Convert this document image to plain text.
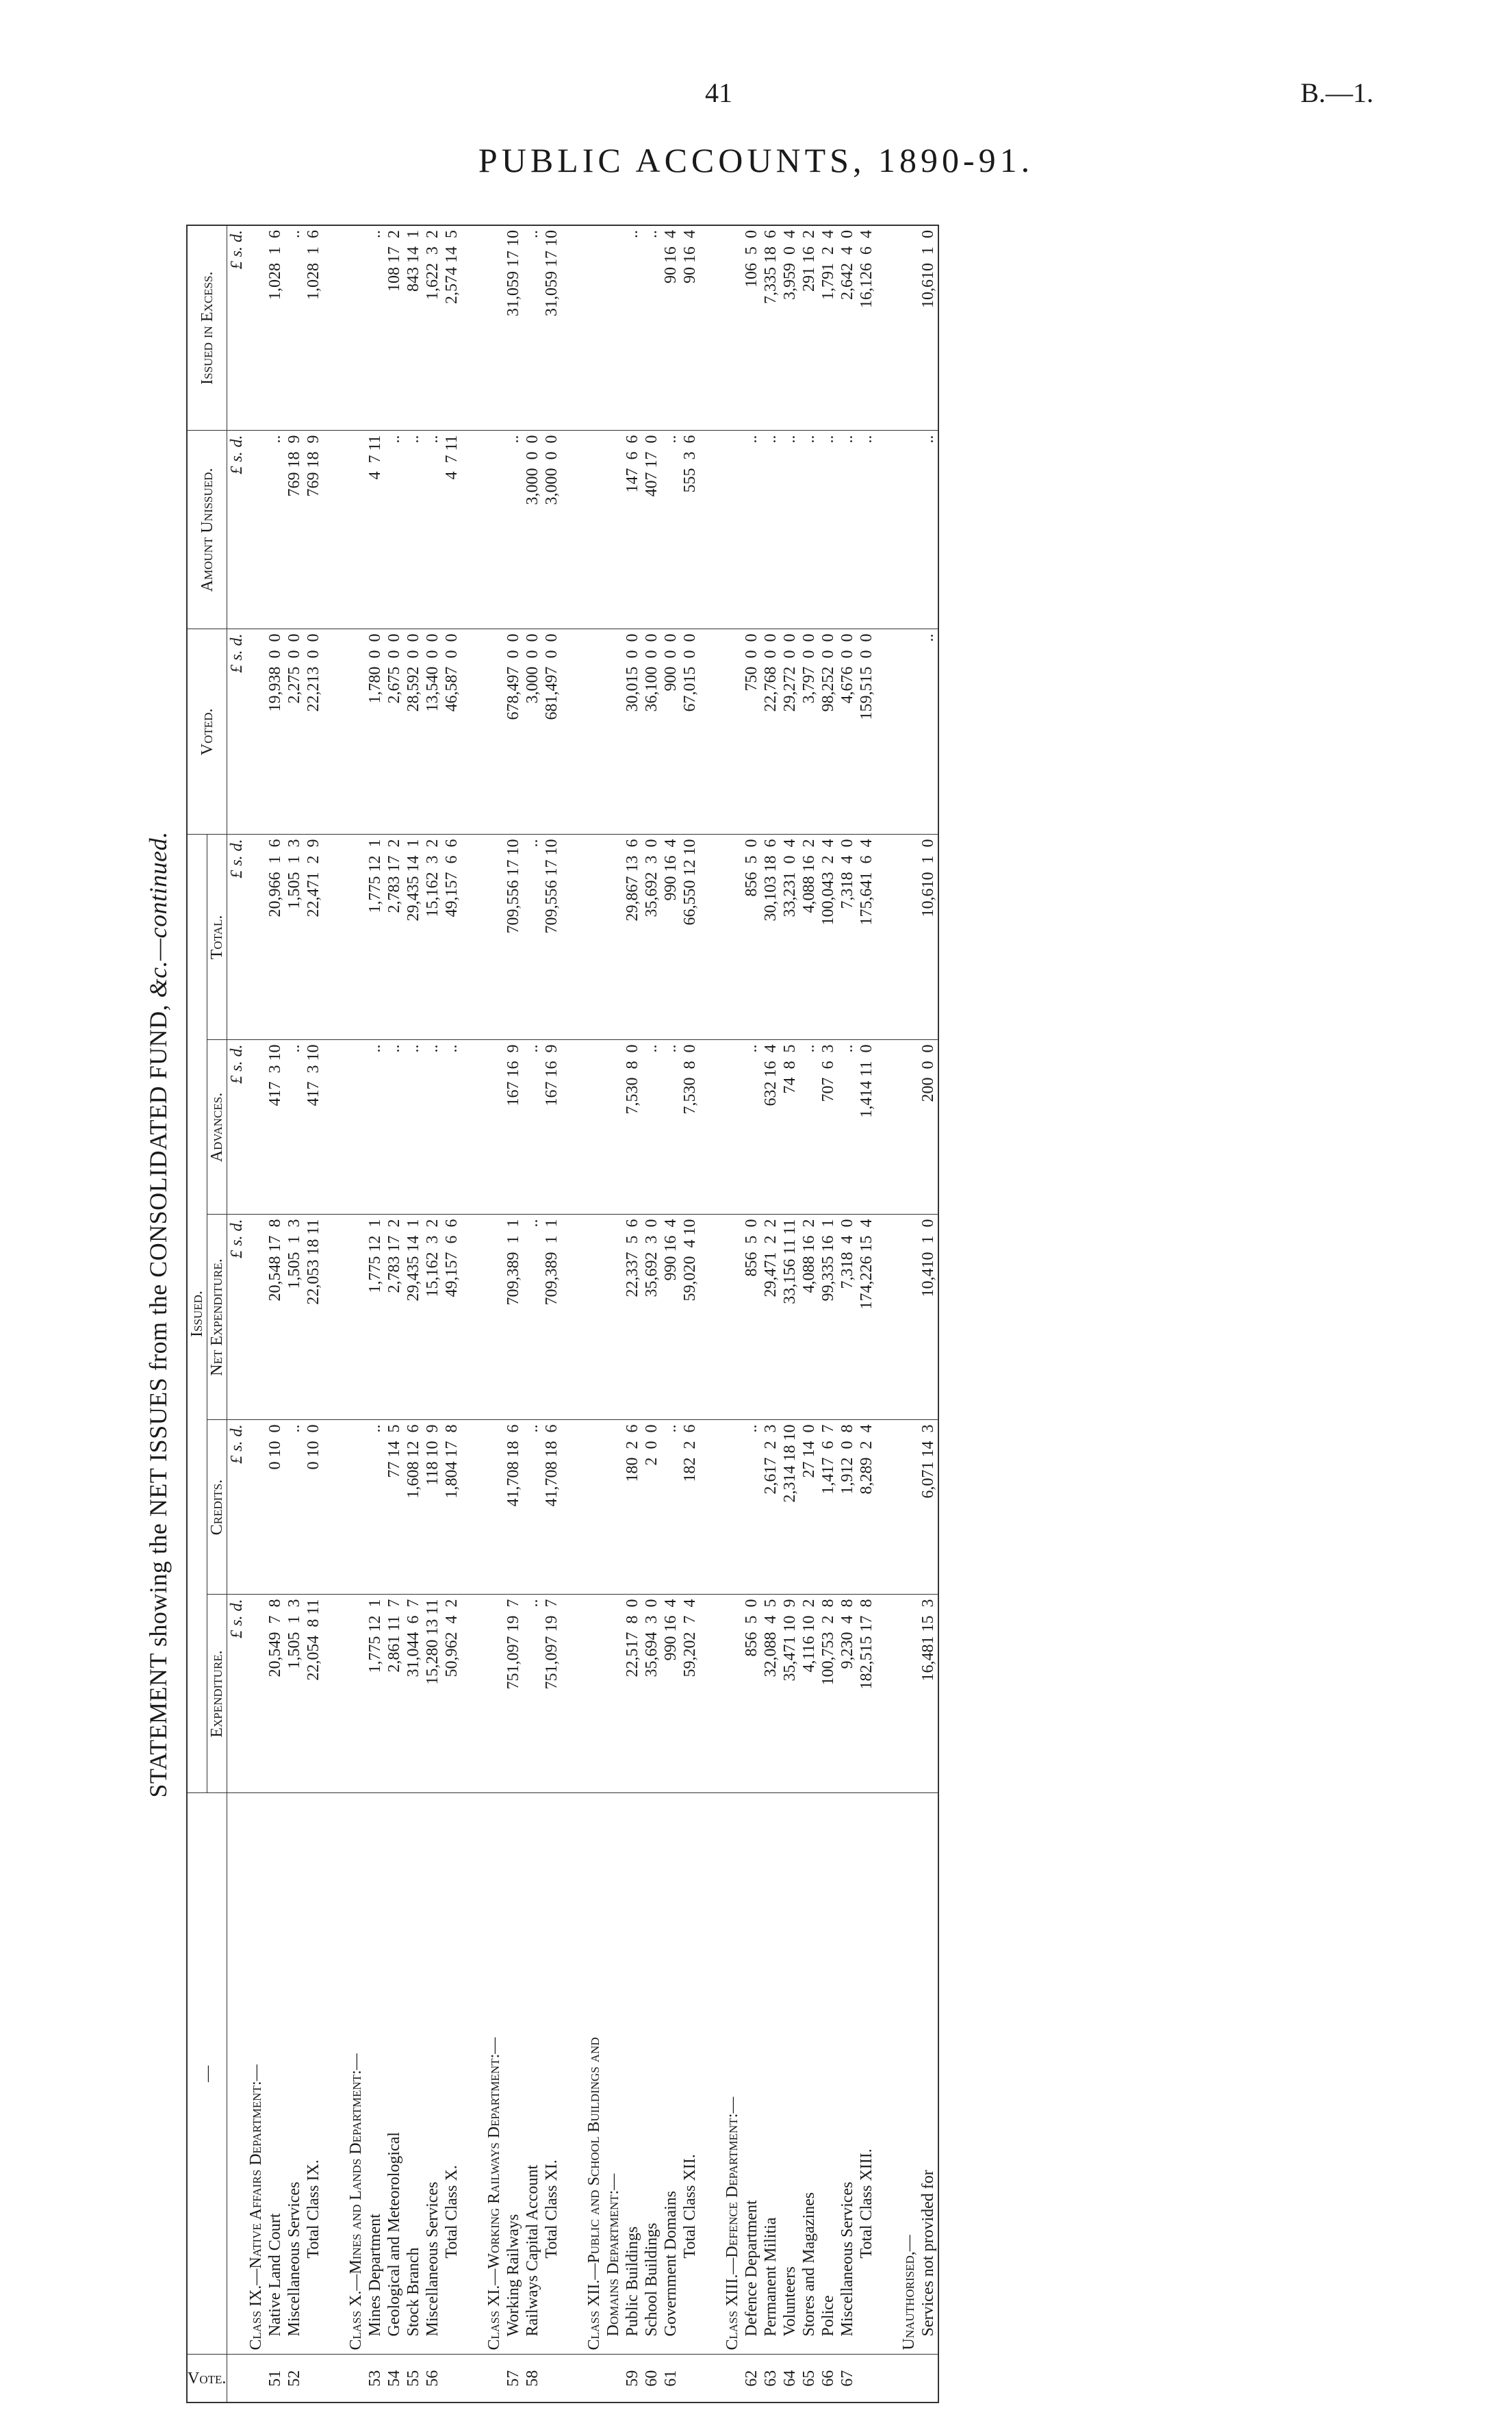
41	B.—1.
PUBLIC ACCOUNTS, 1890-91.
STATEMENT showing the NET ISSUES from the CONSOLIDATED FUND, &c.—continued.
Vote.	—	Issued.					Voted.	Amount Unissued.	Issued in Excess.
		Expenditure.	Credits.	Net Expenditure.	Advances.	Total.			
		£ s. d.	£ s. d.	£ s. d.	£ s. d.	£ s. d.	£ s. d.	£ s. d.	£ s. d.
	Class IX.—Native Affairs Department:—								
51	Native Land Court	20,549  7  8	0 10  0	20,548 17  8	417  3 10	20,966  1  6	19,938  0  0	..	1,028  1  6
52	Miscellaneous Services	1,505  1  3	..	1,505  1  3	..	1,505  1  3	2,275  0  0	769 18  9	..
	Total Class IX.	22,054  8 11	0 10  0	22,053 18 11	417  3 10	22,471  2  9	22,213  0  0	769 18  9	1,028  1  6

	Class X.—Mines and Lands Department:—								
53	Mines Department	1,775 12  1	..	1,775 12  1	..	1,775 12  1	1,780  0  0	4  7 11	..
54	Geological and Meteorological	2,861 11  7	77 14  5	2,783 17  2	..	2,783 17  2	2,675  0  0	..	108 17  2
55	Stock Branch	31,044  6  7	1,608 12  6	29,435 14  1	..	29,435 14  1	28,592  0  0	..	843 14  1
56	Miscellaneous Services	15,280 13 11	118 10  9	15,162  3  2	..	15,162  3  2	13,540  0  0	..	1,622  3  2
	Total Class X.	50,962  4  2	1,804 17  8	49,157  6  6	..	49,157  6  6	46,587  0  0	4  7 11	2,574 14  5

	Class XI.—Working Railways Department:—								
57	Working Railways	751,097 19  7	41,708 18  6	709,389  1  1	167 16  9	709,556 17 10	678,497  0  0	..	31,059 17 10
58	Railways Capital Account	..	..	..	..	..	3,000  0  0	3,000  0  0	..
	Total Class XI.	751,097 19  7	41,708 18  6	709,389  1  1	167 16  9	709,556 17 10	681,497  0  0	3,000  0  0	31,059 17 10

	Class XII.—Public and School Buildings and								
	Domains Department:—								
59	Public Buildings	22,517  8  0	180  2  6	22,337  5  6	7,530  8  0	29,867 13  6	30,015  0  0	147  6  6	..
60	School Buildings	35,694  3  0	2  0  0	35,692  3  0	..	35,692  3  0	36,100  0  0	407 17  0	..
61	Government Domains	990 16  4	..	990 16  4	..	990 16  4	900  0  0	..	90 16  4
	Total Class XII.	59,202  7  4	182  2  6	59,020  4 10	7,530  8  0	66,550 12 10	67,015  0  0	555  3  6	90 16  4

	Class XIII.—Defence Department:—								
62	Defence Department	856  5  0	..	856  5  0	..	856  5  0	750  0  0	..	106  5  0
63	Permanent Militia	32,088  4  5	2,617  2  3	29,471  2  2	632 16  4	30,103 18  6	22,768  0  0	..	7,335 18  6
64	Volunteers	35,471 10  9	2,314 18 10	33,156 11 11	74  8  5	33,231  0  4	29,272  0  0	..	3,959  0  4
65	Stores and Magazines	4,116 10  2	27 14  0	4,088 16  2	..	4,088 16  2	3,797  0  0	..	291 16  2
66	Police	100,753  2  8	1,417  6  7	99,335 16  1	707  6  3	100,043  2  4	98,252  0  0	..	1,791  2  4
67	Miscellaneous Services	9,230  4  8	1,912  0  8	7,318  4  0	..	7,318  4  0	4,676  0  0	..	2,642  4  0
	Total Class XIII.	182,515 17  8	8,289  2  4	174,226 15  4	1,414 11  0	175,641  6  4	159,515  0  0	..	16,126  6  4

	Unauthorised,—								
	Services not provided for	16,481 15  3	6,071 14  3	10,410  1  0	200  0  0	10,610  1  0	..	..	10,610  1  0
